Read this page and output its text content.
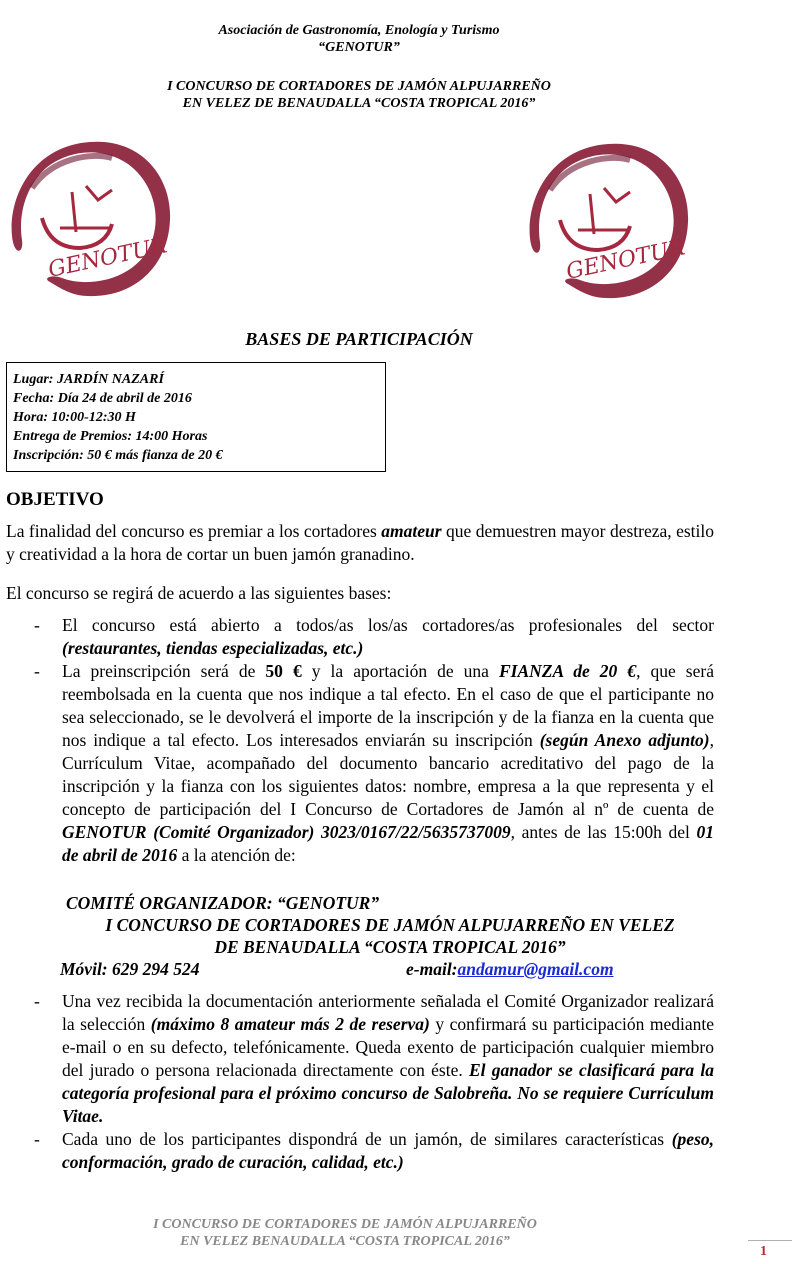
Asociación de Gastronomía, Enología y Turismo
“GENOTUR”
I CONCURSO DE CORTADORES DE JAMÓN ALPUJARREÑO
EN VELEZ DE BENAUDALLA “COSTA TROPICAL 2016”
GENOTUR	GENOTUR
BASES DE PARTICIPACIÓN
Lugar: JARDÍN NAZARÍ
Fecha: Día 24 de abril de 2016
Hora: 10:00-12:30 H
Entrega de Premios: 14:00 Horas
Inscripción: 50 € más fianza de 20 €
OBJETIVO
La finalidad del concurso es premiar a los cortadores amateur que demuestren mayor destreza, estilo y creatividad a la hora de cortar un buen jamón granadino.
El concurso se regirá de acuerdo a las siguientes bases:
-	El concurso está abierto a todos/as los/as cortadores/as profesionales del sector (restaurantes, tiendas especializadas, etc.)
-	La preinscripción será de 50 € y la aportación de una FIANZA de 20 €, que será reembolsada en la cuenta que nos indique a tal efecto. En el caso de que el participante no sea seleccionado, se le devolverá el importe de la inscripción y de la fianza en la cuenta que nos indique a tal efecto. Los interesados enviarán su inscripción (según Anexo adjunto), Currículum Vitae, acompañado del documento bancario acreditativo del pago de la inscripción y la fianza con los siguientes datos: nombre, empresa a la que representa y el concepto de participación del I Concurso de Cortadores de Jamón al nº de cuenta de GENOTUR (Comité Organizador) 3023/0167/22/5635737009, antes de las 15:00h del 01 de abril de 2016 a la atención de:
COMITÉ ORGANIZADOR: “GENOTUR”
I CONCURSO DE CORTADORES DE JAMÓN ALPUJARREÑO EN VELEZ
DE BENAUDALLA “COSTA TROPICAL 2016”
Móvil: 629 294 524	e-mail: andamur@gmail.com
-	Una vez recibida la documentación anteriormente señalada el Comité Organizador realizará la selección (máximo 8 amateur más 2 de reserva) y confirmará su participación mediante e-mail o en su defecto, telefónicamente. Queda exento de participación cualquier miembro del jurado o persona relacionada directamente con éste. El ganador se clasificará para la categoría profesional para el próximo concurso de Salobreña. No se requiere Currículum Vitae.
-	Cada uno de los participantes dispondrá de un jamón, de similares características (peso, conformación, grado de curación, calidad, etc.)
I CONCURSO DE CORTADORES DE JAMÓN ALPUJARREÑO
EN VELEZ BENAUDALLA “COSTA TROPICAL 2016”
1
